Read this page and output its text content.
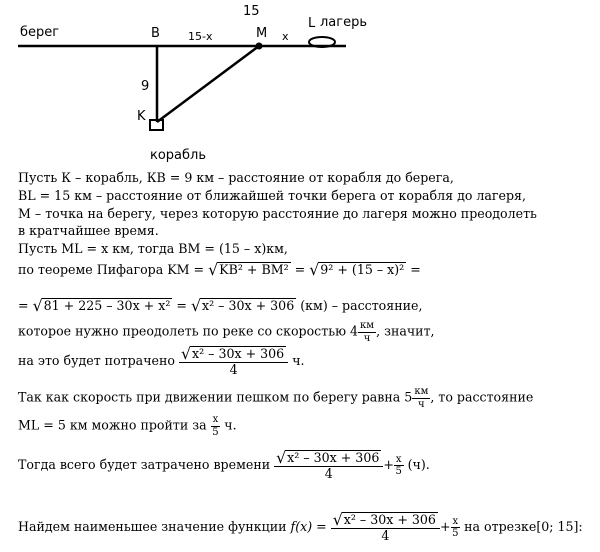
берег
15
B	15-x	M x
L лагерь
9
K
корабль
Пусть К – корабль, КВ = 9 км – расстояние от корабля до берега,
BL = 15 км – расстояние от ближайшей точки берега от корабля до лагеря,
М – точка на берегу, через которую расстояние до лагеря можно преодолеть
в кратчайшее время.
Пусть ML = x км, тогда BM = (15 – x)км,
по теореме Пифагора KM = √KB² + BM² = √9² + (15 – x)² =
= √81 + 225 – 30x + x² = √x² – 30x + 306 (км) – расстояние,
которое нужно преодолеть по реке со скоростью $4 \frac{км}{ч}$ , значит,
на это будет потрачено $\frac{\text{√x² – 30x + 306}}{4} ч$.
Так как скорость при движении пешком по берегу равна $5 \frac{км}{ч}$ , то расстояние
ML = 5 км можно пройти за $\frac{x}{5} ч$.
Тогда всего будет затрачено времени $\frac{\text{√x² – 30x + 306}}{4} + \frac{x}{5} (ч)$.
Найдем наименьшее значение функции $f(x) = \frac{\text{√x² – 30x + 306}}{4} + \frac{x}{5}$ на отрезке[0; 15]:
